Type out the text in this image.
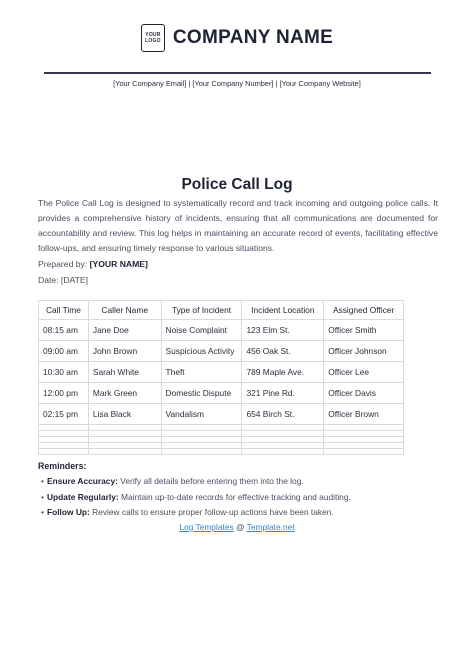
YOUR
LOGO COMPANY NAME
[Your Company Email] | [Your Company Number] | [Your Company Website]
Police Call Log
The Police Call Log is designed to systematically record and track incoming and outgoing police calls. It provides a comprehensive history of incidents, ensuring that all communications are documented for accountability and review. This log helps in maintaining an accurate record of events, facilitating effective follow-ups, and ensuring timely response to various situations.
Prepared by: [YOUR NAME]
Date: [DATE]
Call Time	Caller Name	Type of Incident	Incident Location	Assigned Officer
08:15 am	Jane Doe	Noise Complaint	123 Elm St.	Officer Smith
09:00 am	John Brown	Suspicious Activity	456 Oak St.	Officer Johnson
10:30 am	Sarah White	Theft	789 Maple Ave.	Officer Lee
12:00 pm	Mark Green	Domestic Dispute	321 Pine Rd.	Officer Davis
02:15 pm	Lisa Black	Vandalism	654 Birch St.	Officer Brown

Reminders:
• Ensure Accuracy: Verify all details before entering them into the log.
• Update Regularly: Maintain up-to-date records for effective tracking and auditing.
• Follow Up: Review calls to ensure proper follow-up actions have been taken.
Log Templates @ Template.net
